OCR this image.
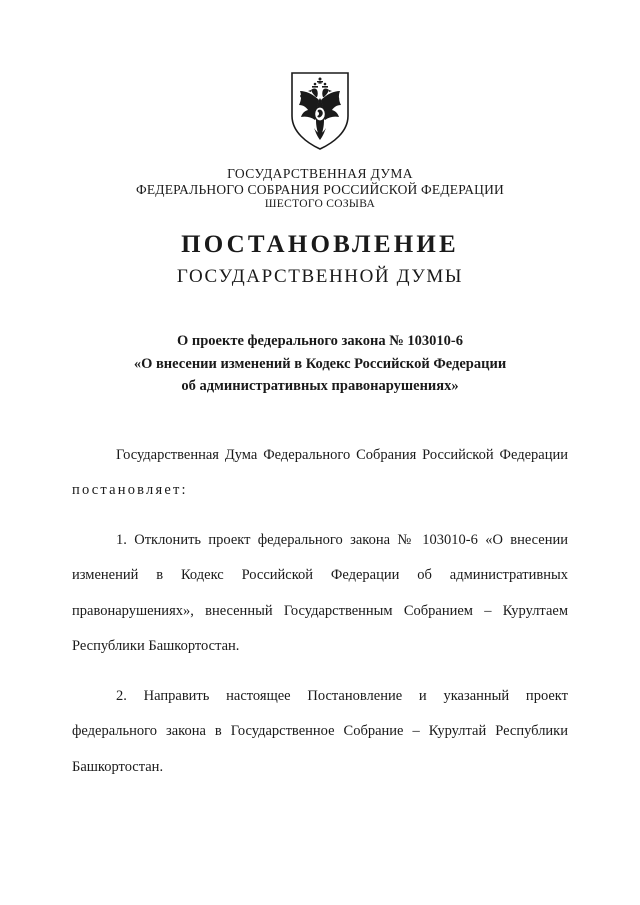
ГОСУДАРСТВЕННАЯ ДУМА
ФЕДЕРАЛЬНОГО СОБРАНИЯ РОССИЙСКОЙ ФЕДЕРАЦИИ
ШЕСТОГО СОЗЫВА
ПОСТАНОВЛЕНИЕ
ГОСУДАРСТВЕННОЙ ДУМЫ
О проекте федерального закона № 103010-6
«О внесении изменений в Кодекс Российской Федерации
об административных правонарушениях»

Государственная Дума Федерального Собрания Российской Федерации постановляет:

1. Отклонить проект федерального закона № 103010-6 «О внесении изменений в Кодекс Российской Федерации об административных правонарушениях», внесенный Государственным Собранием – Курултаем Республики Башкортостан.

2. Направить настоящее Постановление и указанный проект федерального закона в Государственное Собрание – Курултай Республики Башкортостан.
